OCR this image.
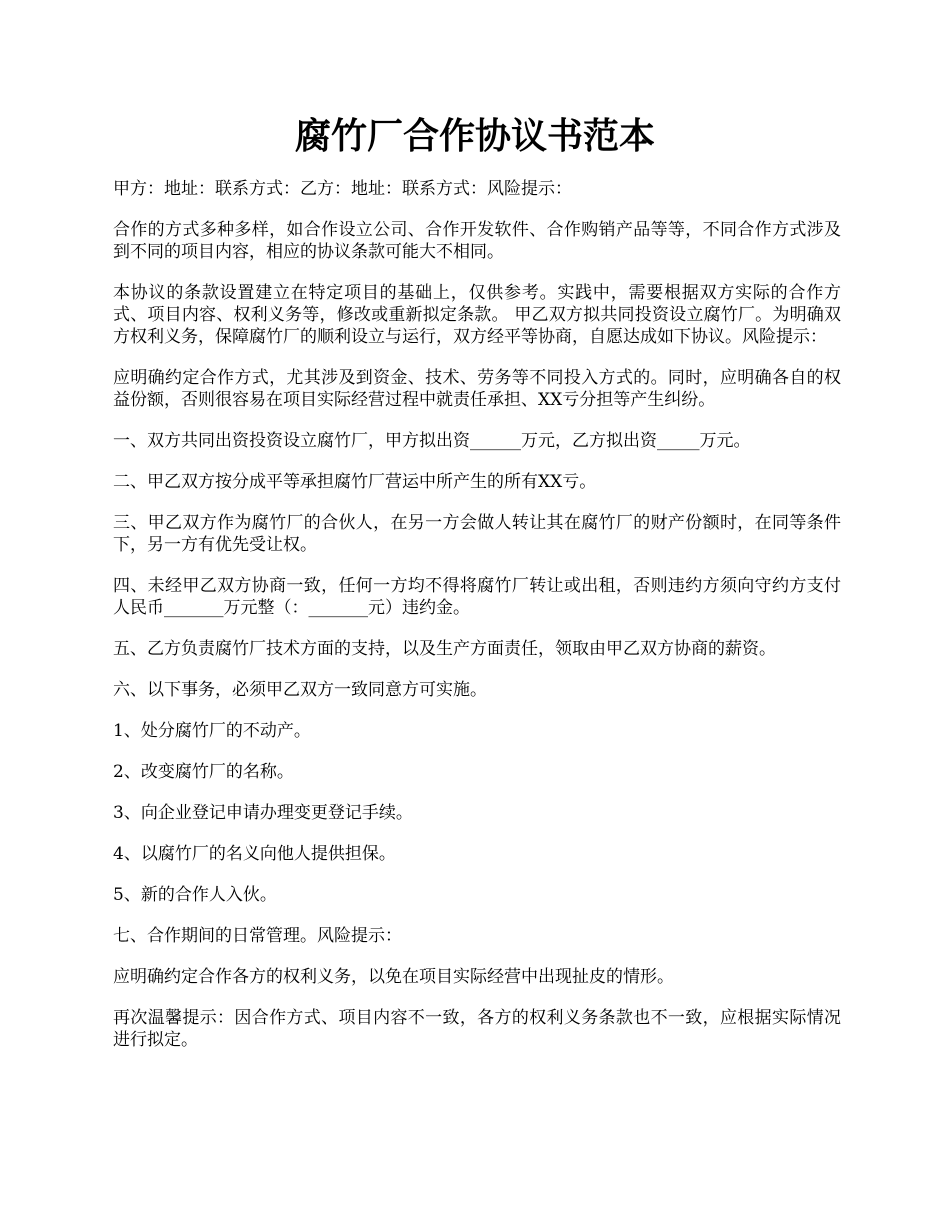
腐竹厂合作协议书范本

甲方：地址：联系方式：乙方：地址：联系方式：风险提示：

合作的方式多种多样，如合作设立公司、合作开发软件、合作购销产品等等，不同合作方式涉及到不同的项目内容，相应的协议条款可能大不相同。

本协议的条款设置建立在特定项目的基础上，仅供参考。实践中，需要根据双方实际的合作方式、项目内容、权利义务等，修改或重新拟定条款。 甲乙双方拟共同投资设立腐竹厂。为明确双方权利义务，保障腐竹厂的顺利设立与运行，双方经平等协商，自愿达成如下协议。风险提示：

应明确约定合作方式，尤其涉及到资金、技术、劳务等不同投入方式的。同时，应明确各自的权益份额，否则很容易在项目实际经营过程中就责任承担、XX亏分担等产生纠纷。

一、双方共同出资投资设立腐竹厂，甲方拟出资______万元，乙方拟出资_____万元。

二、甲乙双方按分成平等承担腐竹厂营运中所产生的所有XX亏。

三、甲乙双方作为腐竹厂的合伙人，在另一方会做人转让其在腐竹厂的财产份额时，在同等条件下，另一方有优先受让权。

四、未经甲乙双方协商一致，任何一方均不得将腐竹厂转让或出租，否则违约方须向守约方支付人民币_______万元整（：_______元）违约金。

五、乙方负责腐竹厂技术方面的支持，以及生产方面责任，领取由甲乙双方协商的薪资。

六、以下事务，必须甲乙双方一致同意方可实施。

1、处分腐竹厂的不动产。

2、改变腐竹厂的名称。

3、向企业登记申请办理变更登记手续。

4、以腐竹厂的名义向他人提供担保。

5、新的合作人入伙。

七、合作期间的日常管理。风险提示：

应明确约定合作各方的权利义务，以免在项目实际经营中出现扯皮的情形。

再次温馨提示：因合作方式、项目内容不一致，各方的权利义务条款也不一致，应根据实际情况进行拟定。
